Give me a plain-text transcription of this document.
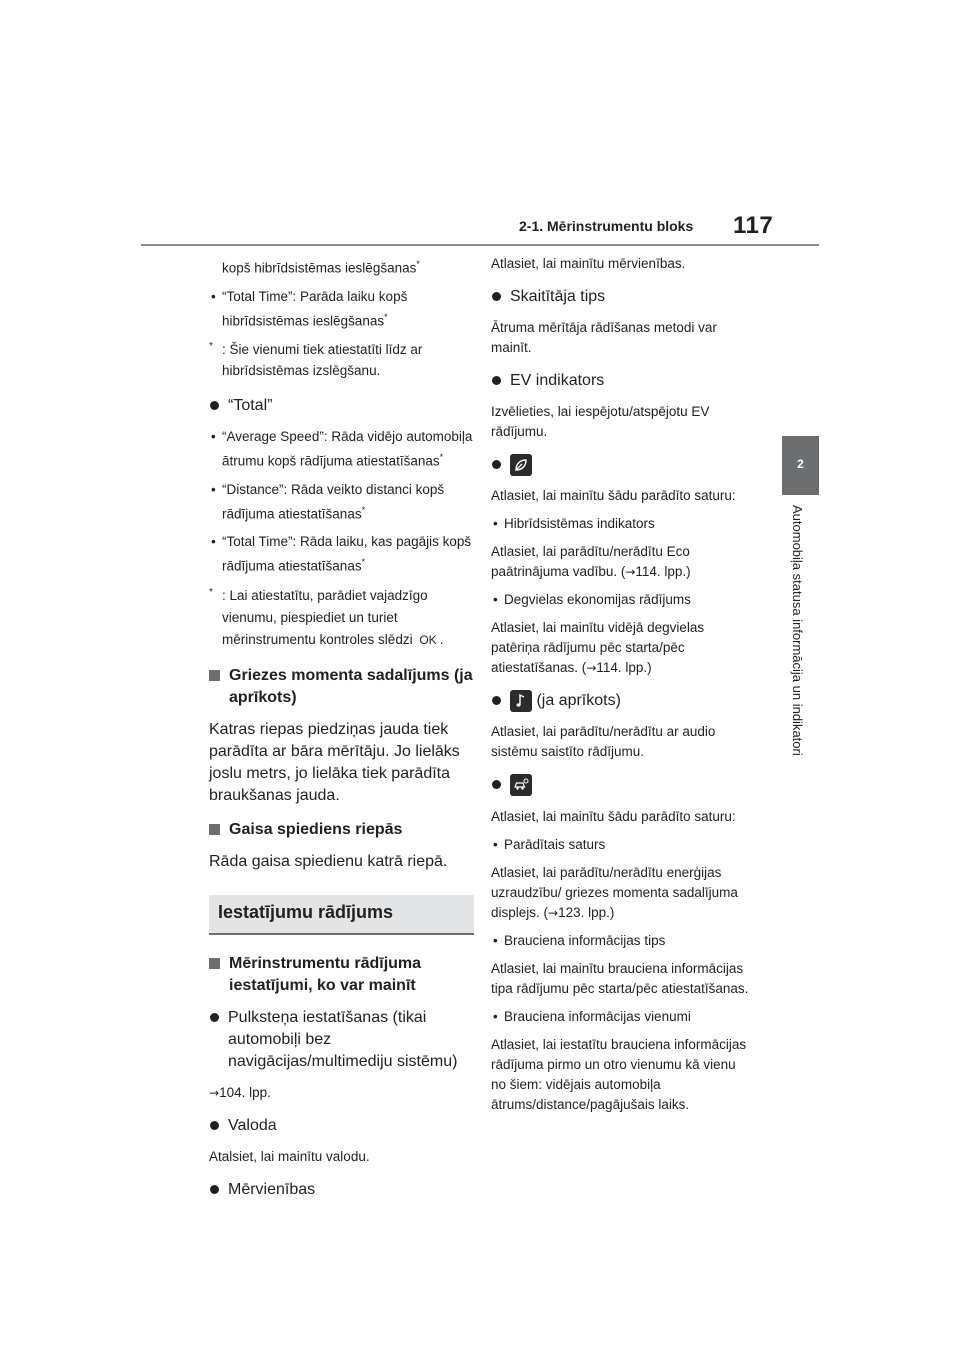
2-1. Mērinstrumentu bloks 117
2
Automobiļa statusa informācija un indikatori

kopš hibrīdsistēmas ieslēgšanas*

• “Total Time”: Parāda laiku kopš hibrīdsistēmas ieslēgšanas*
* : Šie vienumi tiek atiestatīti līdz ar hibrīdsistēmas izslēgšanu.
“Total”
• “Average Speed”: Rāda vidējo automobiļa ātrumu kopš rādījuma atiestatīšanas*
• “Distance”: Rāda veikto distanci kopš rādījuma atiestatīšanas*
• “Total Time”: Rāda laiku, kas pagājis kopš rādījuma atiestatīšanas*
* : Lai atiestatītu, parādiet vajadzīgo vienumu, piespiediet un turiet mērinstrumentu kontroles slēdzi OK .
Griezes momenta sadalījums (ja aprīkots)

Katras riepas piedziņas jauda tiek parādīta ar bāra mērītāju. Jo lielāks joslu metrs, jo lielāka tiek parādīta braukšanas jauda.

Gaisa spiediens riepās

Rāda gaisa spiedienu katrā riepā.

Iestatījumu rādījums
Mērinstrumentu rādījuma iestatījumi, ko var mainīt
Pulksteņa iestatīšanas (tikai automobiļi bez navigācijas/multimediju sistēmu)

→104. lpp.

Valoda

Atalsiet, lai mainītu valodu.

Mērvienības

Atlasiet, lai mainītu mērvienības.

Skaitītāja tips

Ātruma mērītāja rādīšanas metodi var mainīt.

EV indikators

Izvēlieties, lai iespējotu/atspējotu EV rādījumu.

Atlasiet, lai mainītu šādu parādīto saturu:

• Hibrīdsistēmas indikators

Atlasiet, lai parādītu/nerādītu Eco paātrinājuma vadību. (→114. lpp.)

• Degvielas ekonomijas rādījums

Atlasiet, lai mainītu vidējā degvielas patēriņa rādījumu pēc starta/pēc atiestatīšanas. (→114. lpp.)

(ja aprīkots)

Atlasiet, lai parādītu/nerādītu ar audio sistēmu saistīto rādījumu.

Atlasiet, lai mainītu šādu parādīto saturu:

• Parādītais saturs

Atlasiet, lai parādītu/nerādītu enerģijas uzraudzību/ griezes momenta sadalījuma displejs. (→123. lpp.)

• Brauciena informācijas tips

Atlasiet, lai mainītu brauciena informācijas tipa rādījumu pēc starta/pēc atiestatīšanas.

• Brauciena informācijas vienumi

Atlasiet, lai iestatītu brauciena informācijas rādījuma pirmo un otro vienumu kā vienu no šiem: vidējais automobiļa ātrums/distance/pagājušais laiks.
